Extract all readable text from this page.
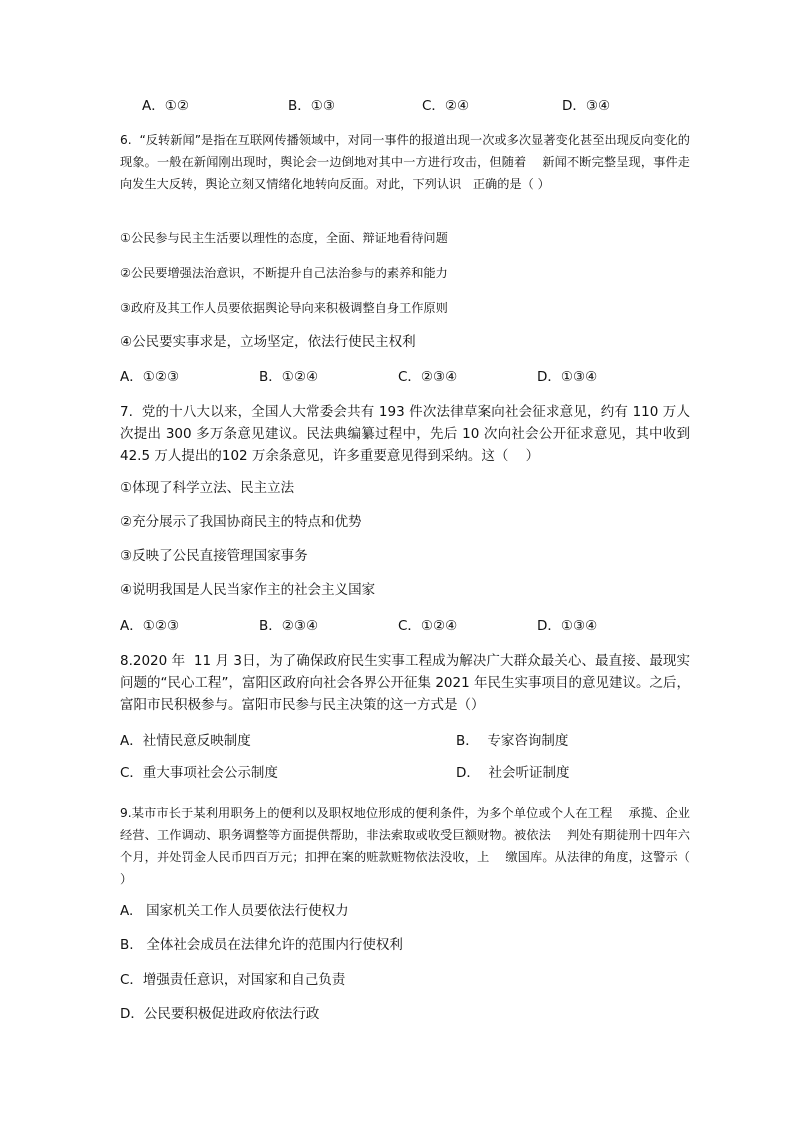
A．①②	B．①③	C．②④	D．③④
6.  “反转新闻”是指在互联网传播领域中，对同一事件的报道出现一次或多次显著变化甚至出现反向变化的现象。一般在新闻刚出现时，舆论会一边倒地对其中一方进行攻击，但随着    新闻不断完整呈现，事件走向发生大反转，舆论立刻又情绪化地转向反面。对此，下列认识   正确的是（ ）
①公民参与民主生活要以理性的态度，全面、辩证地看待问题
②公民要增强法治意识，不断提升自己法治参与的素养和能力
③政府及其工作人员要依据舆论导向来积极调整自身工作原则
④公民要实事求是，立场坚定，依法行使民主权利
A．①②③	B．①②④	C．②③④	D．①③④
7.  党的十八大以来，全国人大常委会共有 193 件次法律草案向社会征求意见，约有 110 万人次提出 300 多万条意见建议。民法典编纂过程中，先后 10 次向社会公开征求意见，其中收到 42.5 万人提出的102 万余条意见，许多重要意见得到采纳。这（    ）
①体现了科学立法、民主立法
②充分展示了我国协商民主的特点和优势
③反映了公民直接管理国家事务
④说明我国是人民当家作主的社会主义国家
A．①②③	B．②③④	C．①②④	D．①③④
8.2020 年  11 月 3日，为了确保政府民生实事工程成为解决广大群众最关心、最直接、最现实问题的“民心工程”，富阳区政府向社会各界公开征集 2021 年民生实事项目的意见建议。之后，富阳市民积极参与。富阳市民参与民主决策的这一方式是（）
A．社情民意反映制度	B．  专家咨询制度
C．重大事项社会公示制度	D．  社会听证制度
9.某市市长于某利用职务上的便利以及职权地位形成的便利条件，为多个单位或个人在工程    承揽、企业经营、工作调动、职务调整等方面提供帮助，非法索取或收受巨额财物。被依法    判处有期徒刑十四年六个月，并处罚金人民币四百万元；扣押在案的赃款赃物依法没收，上    缴国库。从法律的角度，这警示（ ）
A.   国家机关工作人员要依法行使权力
B.   全体社会成员在法律允许的范围内行使权利
C．增强责任意识，对国家和自己负责
D．公民要积极促进政府依法行政
